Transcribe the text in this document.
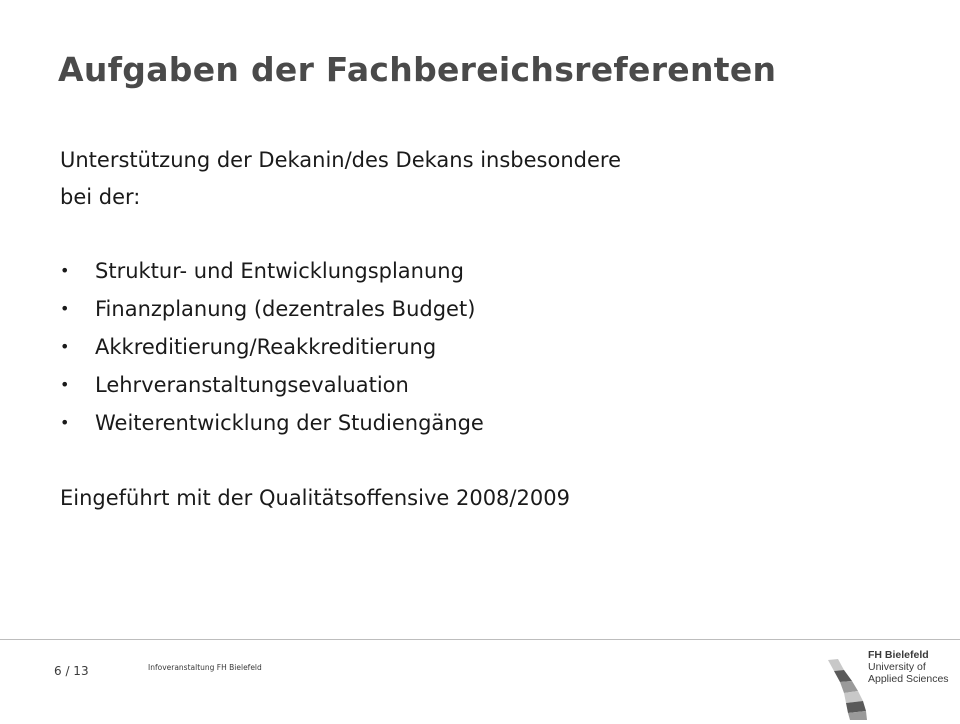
Aufgaben der Fachbereichsreferenten
Unterstützung der Dekanin/des Dekans insbesondere
bei der:
• Struktur- und Entwicklungsplanung
• Finanzplanung (dezentrales Budget)
• Akkreditierung/Reakkreditierung
• Lehrveranstaltungsevaluation
• Weiterentwicklung der Studiengänge
Eingeführt mit der Qualitätsoffensive 2008/2009
6 / 13	Infoveranstaltung FH Bielefeld
FH Bielefeld
University of
Applied Sciences
